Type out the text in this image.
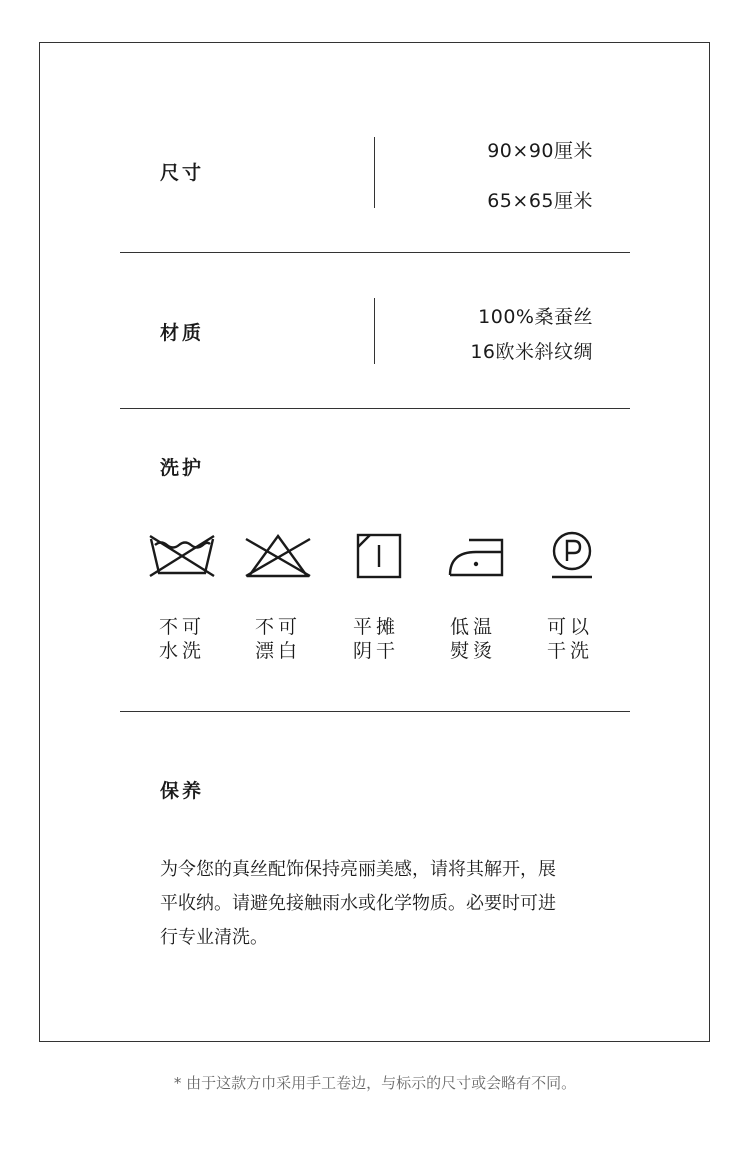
尺寸
90×90厘米
65×65厘米
材质
100%桑蚕丝
16欧米斜纹绸
洗护
不可
水洗
不可
漂白
平摊
阴干
低温
熨烫
可以
干洗
保养
为令您的真丝配饰保持亮丽美感，请将其解开，展
平收纳。请避免接触雨水或化学物质。必要时可进
行专业清洗。
* 由于这款方巾采用手工卷边，与标示的尺寸或会略有不同。
